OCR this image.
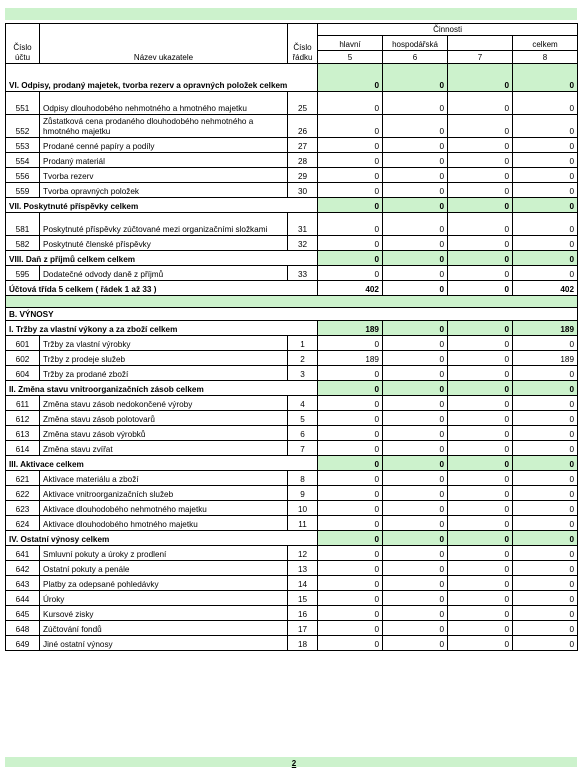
Číslo účtu	Název ukazatele	Číslo řádku	Činnosti			
			hlavní	hospodářská		celkem
			5	6	7	8
VI. Odpisy, prodaný majetek, tvorba rezerv a opravných položek celkem			0	0	0	0
551	Odpisy dlouhodobého nehmotného a hmotného majetku	25	0	0	0	0
552	Zůstatková cena prodaného dlouhodobého nehmotného a hmotného majetku	26	0	0	0	0
553	Prodané cenné papíry a podíly	27	0	0	0	0
554	Prodaný materiál	28	0	0	0	0
556	Tvorba rezerv	29	0	0	0	0
559	Tvorba opravných položek	30	0	0	0	0
VII. Poskytnuté příspěvky celkem			0	0	0	0
581	Poskytnuté příspěvky zúčtované mezi organizačními složkami	31	0	0	0	0
582	Poskytnuté členské příspěvky	32	0	0	0	0
VIII. Daň z příjmů celkem celkem			0	0	0	0
595	Dodatečné odvody daně z příjmů	33	0	0	0	0
Účtová třída 5 celkem ( řádek 1 až 33 )			402	0	0	402

B. VÝNOSY						
I. Tržby za vlastní výkony a za zboží celkem			189	0	0	189
601	Tržby za vlastní výrobky	1	0	0	0	0
602	Tržby z prodeje služeb	2	189	0	0	189
604	Tržby za prodané zboží	3	0	0	0	0
II. Změna stavu vnitroorganizačních zásob celkem			0	0	0	0
611	Změna stavu zásob nedokončené výroby	4	0	0	0	0
612	Změna stavu zásob polotovarů	5	0	0	0	0
613	Změna stavu zásob výrobků	6	0	0	0	0
614	Změna stavu zvířat	7	0	0	0	0
III. Aktivace celkem			0	0	0	0
621	Aktivace materiálu a zboží	8	0	0	0	0
622	Aktivace vnitroorganizačních služeb	9	0	0	0	0
623	Aktivace dlouhodobého nehmotného majetku	10	0	0	0	0
624	Aktivace dlouhodobého hmotného majetku	11	0	0	0	0
IV. Ostatní výnosy celkem			0	0	0	0
641	Smluvní pokuty a úroky z prodlení	12	0	0	0	0
642	Ostatní pokuty a penále	13	0	0	0	0
643	Platby za odepsané pohledávky	14	0	0	0	0
644	Úroky	15	0	0	0	0
645	Kursové zisky	16	0	0	0	0
648	Zúčtování fondů	17	0	0	0	0
649	Jiné ostatní výnosy	18	0	0	0	0
2
